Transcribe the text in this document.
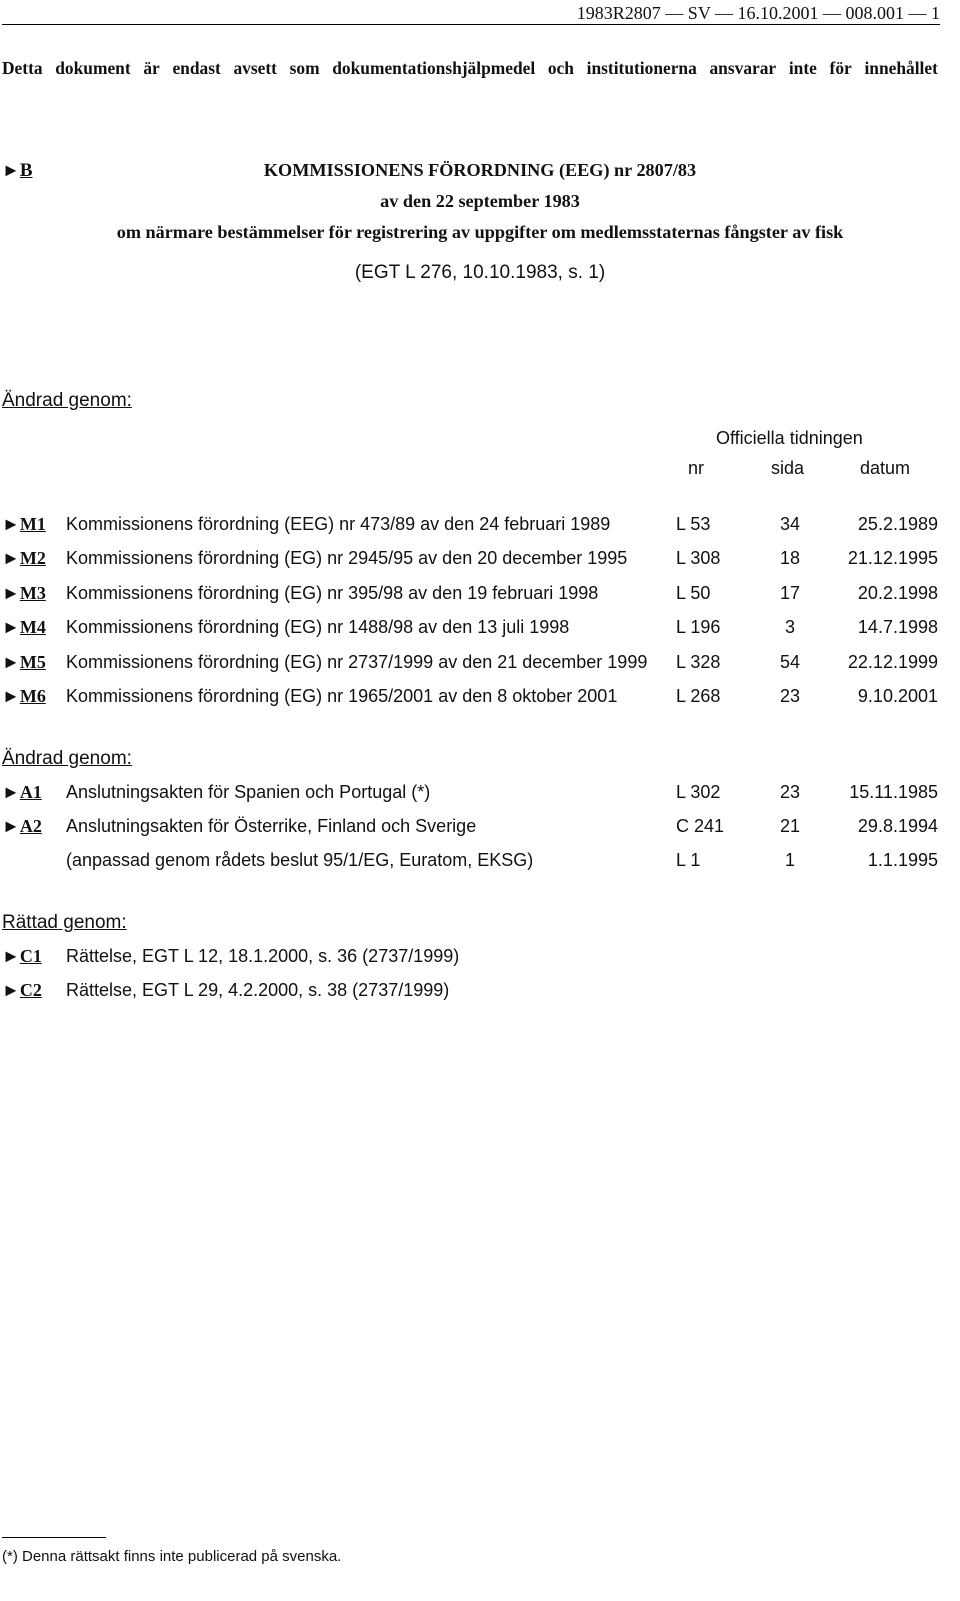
1983R2807 — SV — 16.10.2001 — 008.001 — 1
Detta dokument är endast avsett som dokumentationshjälpmedel och institutionerna ansvarar inte för innehållet
►B	KOMMISSIONENS FÖRORDNING (EEG) nr 2807/83
av den 22 september 1983
om närmare bestämmelser för registrering av uppgifter om medlemsstaternas fångster av fisk
(EGT L 276, 10.10.1983, s. 1)
Ändrad genom:
Officiella tidningen
nr	sida	datum
►M1 Kommissionens förordning (EEG) nr 473/89 av den 24 februari 1989	L 53	34	25.2.1989
►M2 Kommissionens förordning (EG) nr 2945/95 av den 20 december 1995	L 308	18	21.12.1995
►M3 Kommissionens förordning (EG) nr 395/98 av den 19 februari 1998	L 50	17	20.2.1998
►M4 Kommissionens förordning (EG) nr 1488/98 av den 13 juli 1998	L 196	3	14.7.1998
►M5 Kommissionens förordning (EG) nr 2737/1999 av den 21 december 1999 L 328	54	22.12.1999
►M6 Kommissionens förordning (EG) nr 1965/2001 av den 8 oktober 2001	L 268	23	9.10.2001
Ändrad genom:
►A1 Anslutningsakten för Spanien och Portugal (*)	L 302	23	15.11.1985
►A2 Anslutningsakten för Österrike, Finland och Sverige	C 241	21	29.8.1994
(anpassad genom rådets beslut 95/1/EG, Euratom, EKSG)	L 1	1	1.1.1995
Rättad genom:
►C1 Rättelse, EGT L 12, 18.1.2000, s. 36 (2737/1999)
►C2 Rättelse, EGT L 29, 4.2.2000, s. 38 (2737/1999)
(*) Denna rättsakt finns inte publicerad på svenska.
